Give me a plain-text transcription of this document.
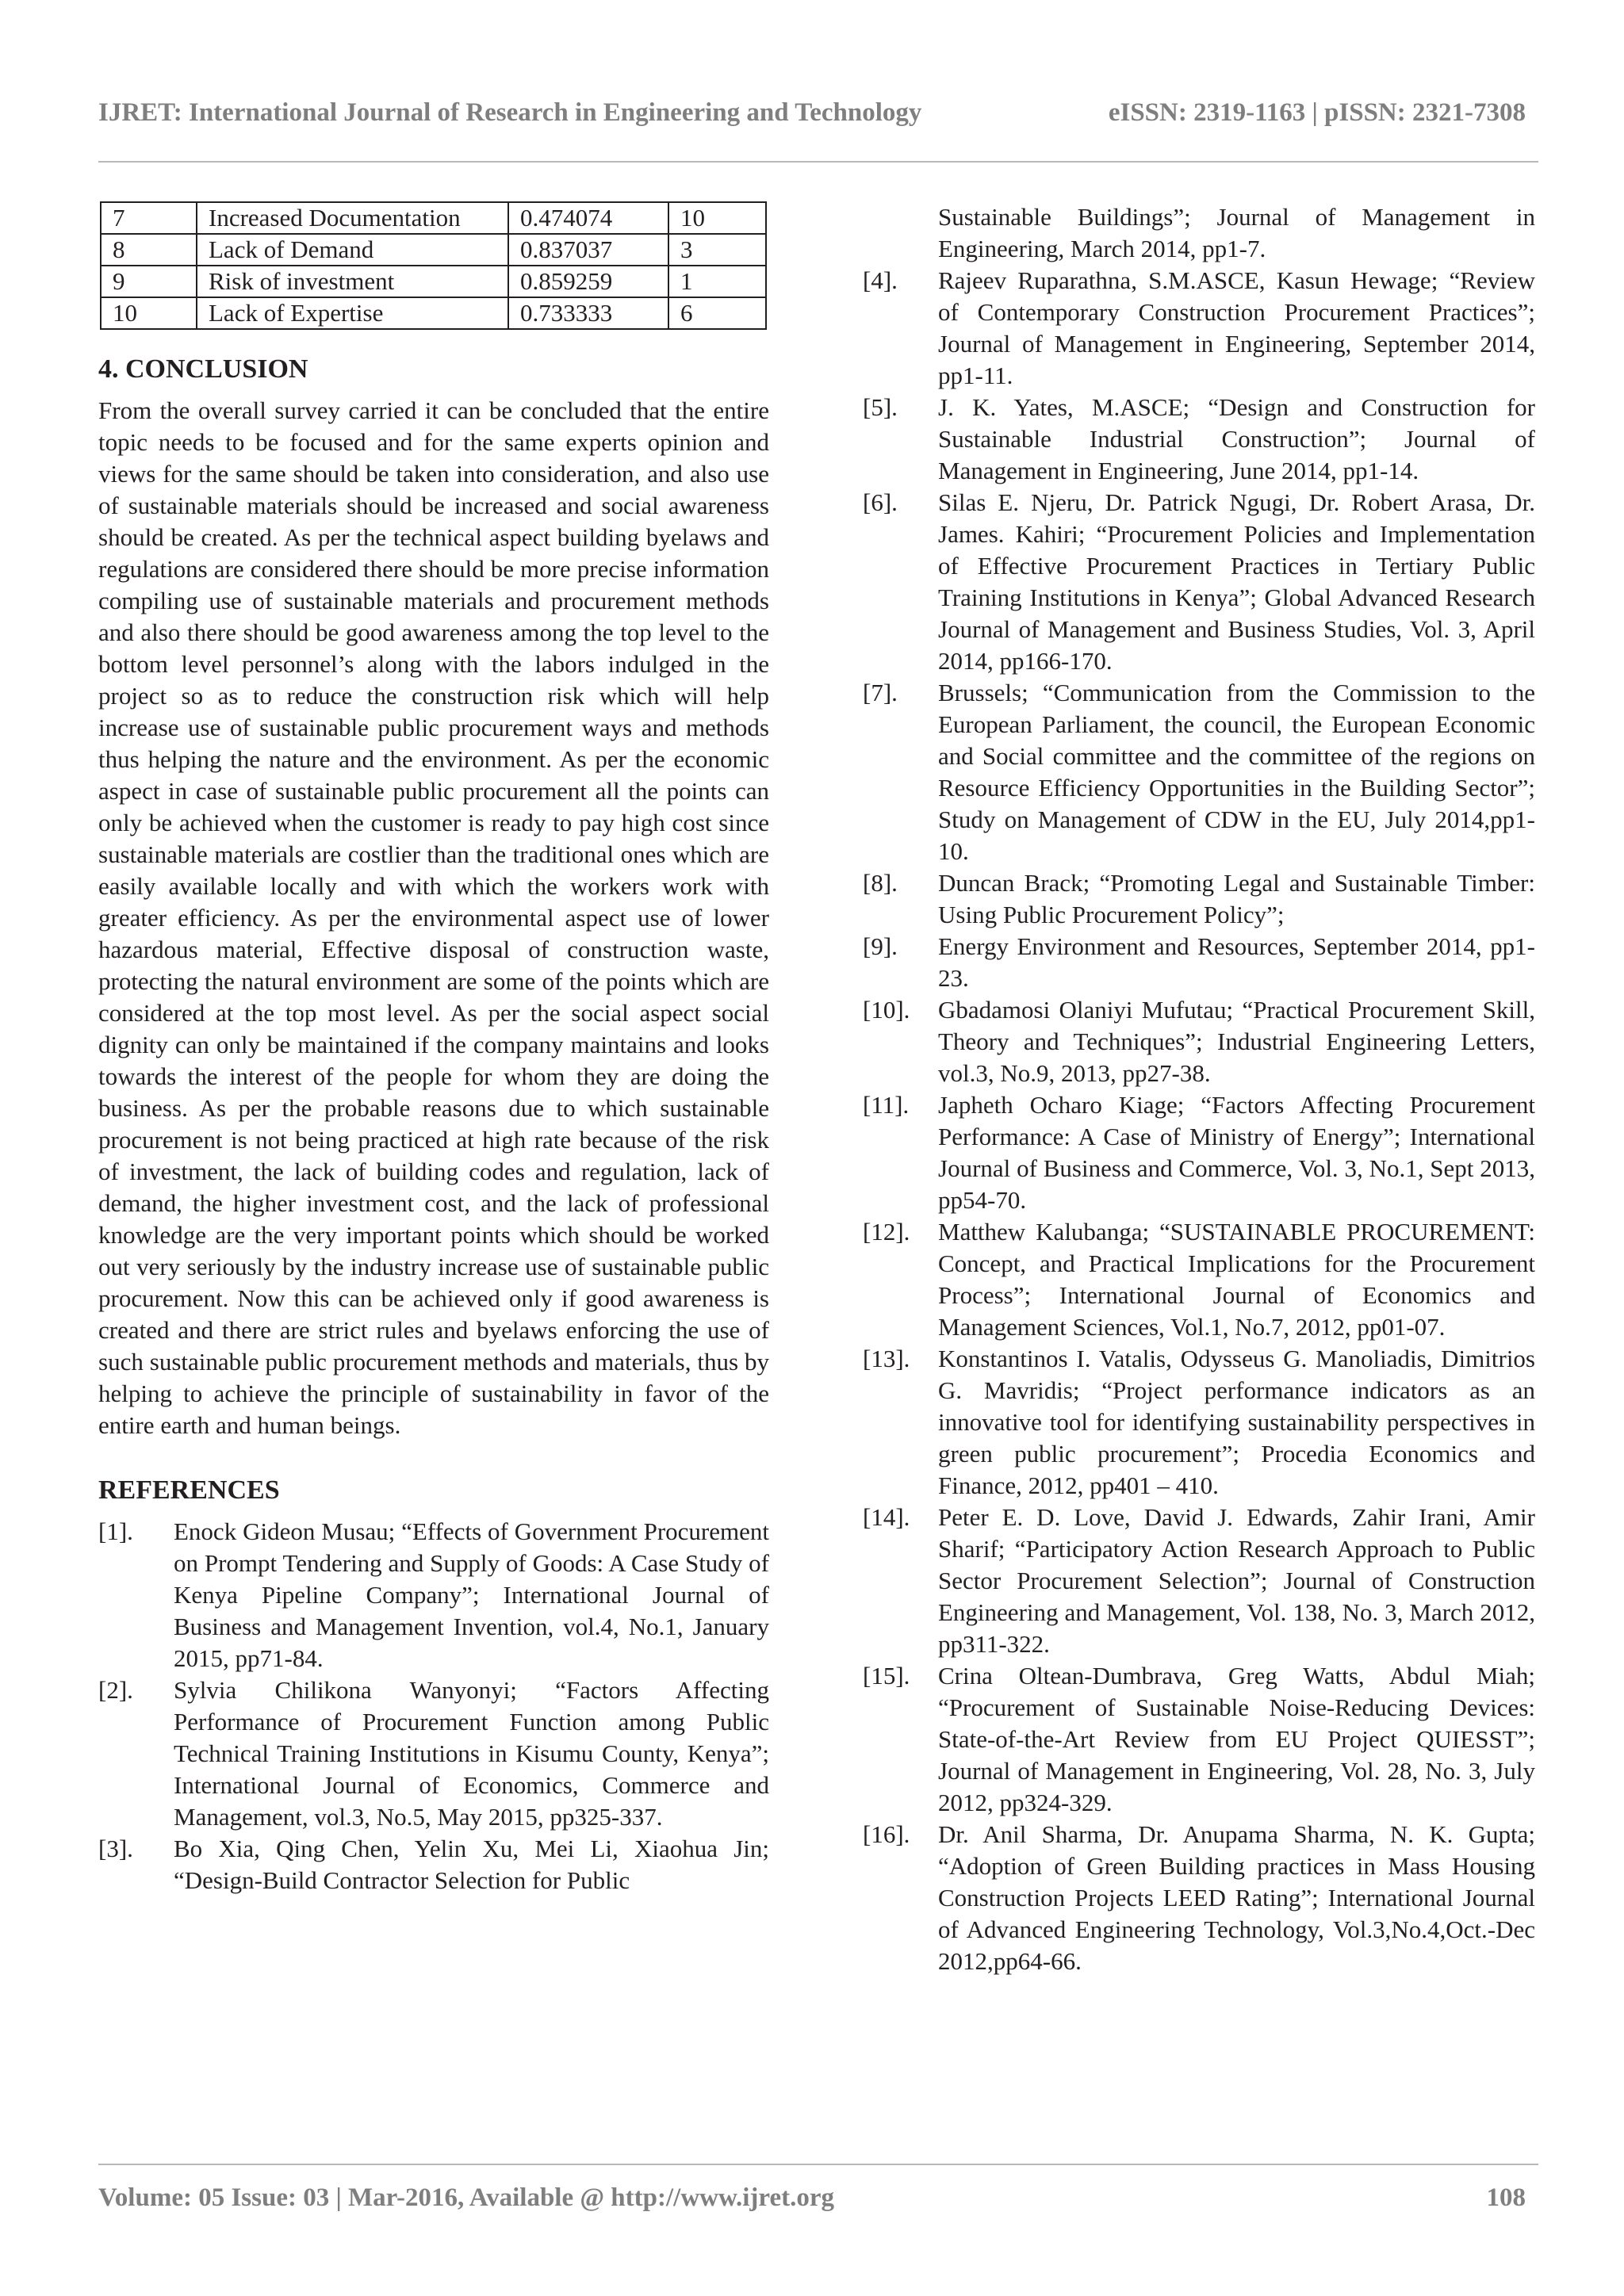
IJRET: International Journal of Research in Engineering and Technology	eISSN: 2319-1163 | pISSN: 2321-7308
7	Increased Documentation	0.474074	10
8	Lack of Demand	0.837037	3
9	Risk of investment	0.859259	1
10	Lack of Expertise	0.733333	6
4. CONCLUSION

From the overall survey carried it can be concluded that the entire topic needs to be focused and for the same experts opinion and views for the same should be taken into consideration, and also use of sustainable materials should be increased and social awareness should be created. As per the technical aspect building byelaws and regulations are considered there should be more precise information compiling use of sustainable materials and procurement methods and also there should be good awareness among the top level to the bottom level personnel’s along with the labors indulged in the project so as to reduce the construction risk which will help increase use of sustainable public procurement ways and methods thus helping the nature and the environment. As per the economic aspect in case of sustainable public procurement all the points can only be achieved when the customer is ready to pay high cost since sustainable materials are costlier than the traditional ones which are easily available locally and with which the workers work with greater efficiency. As per the environmental aspect use of lower hazardous material, Effective disposal of construction waste, protecting the natural environment are some of the points which are considered at the top most level. As per the social aspect social dignity can only be maintained if the company maintains and looks towards the interest of the people for whom they are doing the business. As per the probable reasons due to which sustainable procurement is not being practiced at high rate because of the risk of investment, the lack of building codes and regulation, lack of demand, the higher investment cost, and the lack of professional knowledge are the very important points which should be worked out very seriously by the industry increase use of sustainable public procurement. Now this can be achieved only if good awareness is created and there are strict rules and byelaws enforcing the use of such sustainable public procurement methods and materials, thus by helping to achieve the principle of sustainability in favor of the entire earth and human beings.

REFERENCES
[1].	Enock Gideon Musau; “Effects of Government Procurement on Prompt Tendering and Supply of Goods: A Case Study of Kenya Pipeline Company”; International Journal of Business and Management Invention, vol.4, No.1, January 2015, pp71-84.
[2].	Sylvia Chilikona Wanyonyi; “Factors Affecting Performance of Procurement Function among Public Technical Training Institutions in Kisumu County, Kenya”; International Journal of Economics, Commerce and Management, vol.3, No.5, May 2015, pp325-337.
[3].	Bo Xia, Qing Chen, Yelin Xu, Mei Li, Xiaohua Jin; “Design-Build Contractor Selection for Public
Sustainable Buildings”; Journal of Management in Engineering, March 2014, pp1-7.
[4].	Rajeev Ruparathna, S.M.ASCE, Kasun Hewage; “Review of Contemporary Construction Procurement Practices”; Journal of Management in Engineering, September 2014, pp1-11.
[5].	J. K. Yates, M.ASCE; “Design and Construction for Sustainable Industrial Construction”; Journal of Management in Engineering, June 2014, pp1-14.
[6].	Silas E. Njeru, Dr. Patrick Ngugi, Dr. Robert Arasa, Dr. James. Kahiri; “Procurement Policies and Implementation of Effective Procurement Practices in Tertiary Public Training Institutions in Kenya”; Global Advanced Research Journal of Management and Business Studies, Vol. 3, April 2014, pp166-170.
[7].	Brussels; “Communication from the Commission to the European Parliament, the council, the European Economic and Social committee and the committee of the regions on Resource Efficiency Opportunities in the Building Sector”; Study on Management of CDW in the EU, July 2014,pp1-10.
[8].	Duncan Brack; “Promoting Legal and Sustainable Timber: Using Public Procurement Policy”;
[9].	Energy Environment and Resources, September 2014, pp1-23.
[10].	Gbadamosi Olaniyi Mufutau; “Practical Procurement Skill, Theory and Techniques”; Industrial Engineering Letters, vol.3, No.9, 2013, pp27-38.
[11].	Japheth Ocharo Kiage; “Factors Affecting Procurement Performance: A Case of Ministry of Energy”; International Journal of Business and Commerce, Vol. 3, No.1, Sept 2013, pp54-70.
[12].	Matthew Kalubanga; “SUSTAINABLE PROCUREMENT: Concept, and Practical Implications for the Procurement Process”; International Journal of Economics and Management Sciences, Vol.1, No.7, 2012, pp01-07.
[13].	Konstantinos I. Vatalis, Odysseus G. Manoliadis, Dimitrios G. Mavridis; “Project performance indicators as an innovative tool for identifying sustainability perspectives in green public procurement”; Procedia Economics and Finance, 2012, pp401 – 410.
[14].	Peter E. D. Love, David J. Edwards, Zahir Irani, Amir Sharif; “Participatory Action Research Approach to Public Sector Procurement Selection”; Journal of Construction Engineering and Management, Vol. 138, No. 3, March 2012, pp311-322.
[15].	Crina Oltean-Dumbrava, Greg Watts, Abdul Miah; “Procurement of Sustainable Noise-Reducing Devices: State-of-the-Art Review from EU Project QUIESST”; Journal of Management in Engineering, Vol. 28, No. 3, July 2012, pp324-329.
[16].	Dr. Anil Sharma, Dr. Anupama Sharma, N. K. Gupta; “Adoption of Green Building practices in Mass Housing Construction Projects LEED Rating”; International Journal of Advanced Engineering Technology, Vol.3,No.4,Oct.-Dec 2012,pp64-66.
Volume: 05 Issue: 03 | Mar-2016, Available @ http://www.ijret.org	108
